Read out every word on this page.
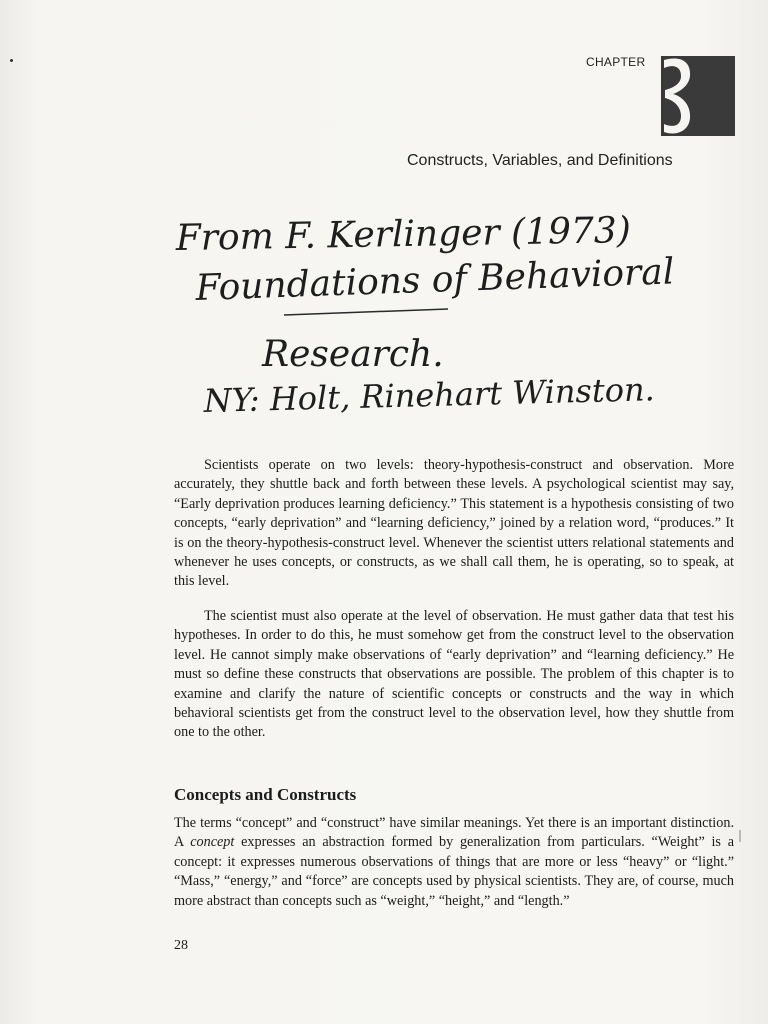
CHAPTER
Constructs, Variables, and Definitions
From F. Kerlinger (1973)
Foundations of Behavioral
Research.
NY: Holt, Rinehart Winston.

Scientists operate on two levels: theory-hypothesis-construct and observation. More accurately, they shuttle back and forth between these levels. A psychological scientist may say, “Early deprivation produces learning deficiency.” This statement is a hypothesis consisting of two concepts, “early deprivation” and “learning deficiency,” joined by a relation word, “produces.” It is on the theory-hypothesis-construct level. Whenever the scientist utters relational statements and whenever he uses concepts, or constructs, as we shall call them, he is operating, so to speak, at this level.

The scientist must also operate at the level of observation. He must gather data that test his hypotheses. In order to do this, he must somehow get from the construct level to the observation level. He cannot simply make observations of “early deprivation” and “learning deficiency.” He must so define these constructs that observations are possible. The problem of this chapter is to examine and clarify the nature of scientific concepts or constructs and the way in which behavioral scientists get from the construct level to the observation level, how they shuttle from one to the other.

Concepts and Constructs

The terms “concept” and “construct” have similar meanings. Yet there is an important distinction. A concept expresses an abstraction formed by generalization from particulars. “Weight” is a concept: it expresses numerous observations of things that are more or less “heavy” or “light.” “Mass,” “energy,” and “force” are concepts used by physical scientists. They are, of course, much more abstract than concepts such as “weight,” “height,” and “length.”

28
